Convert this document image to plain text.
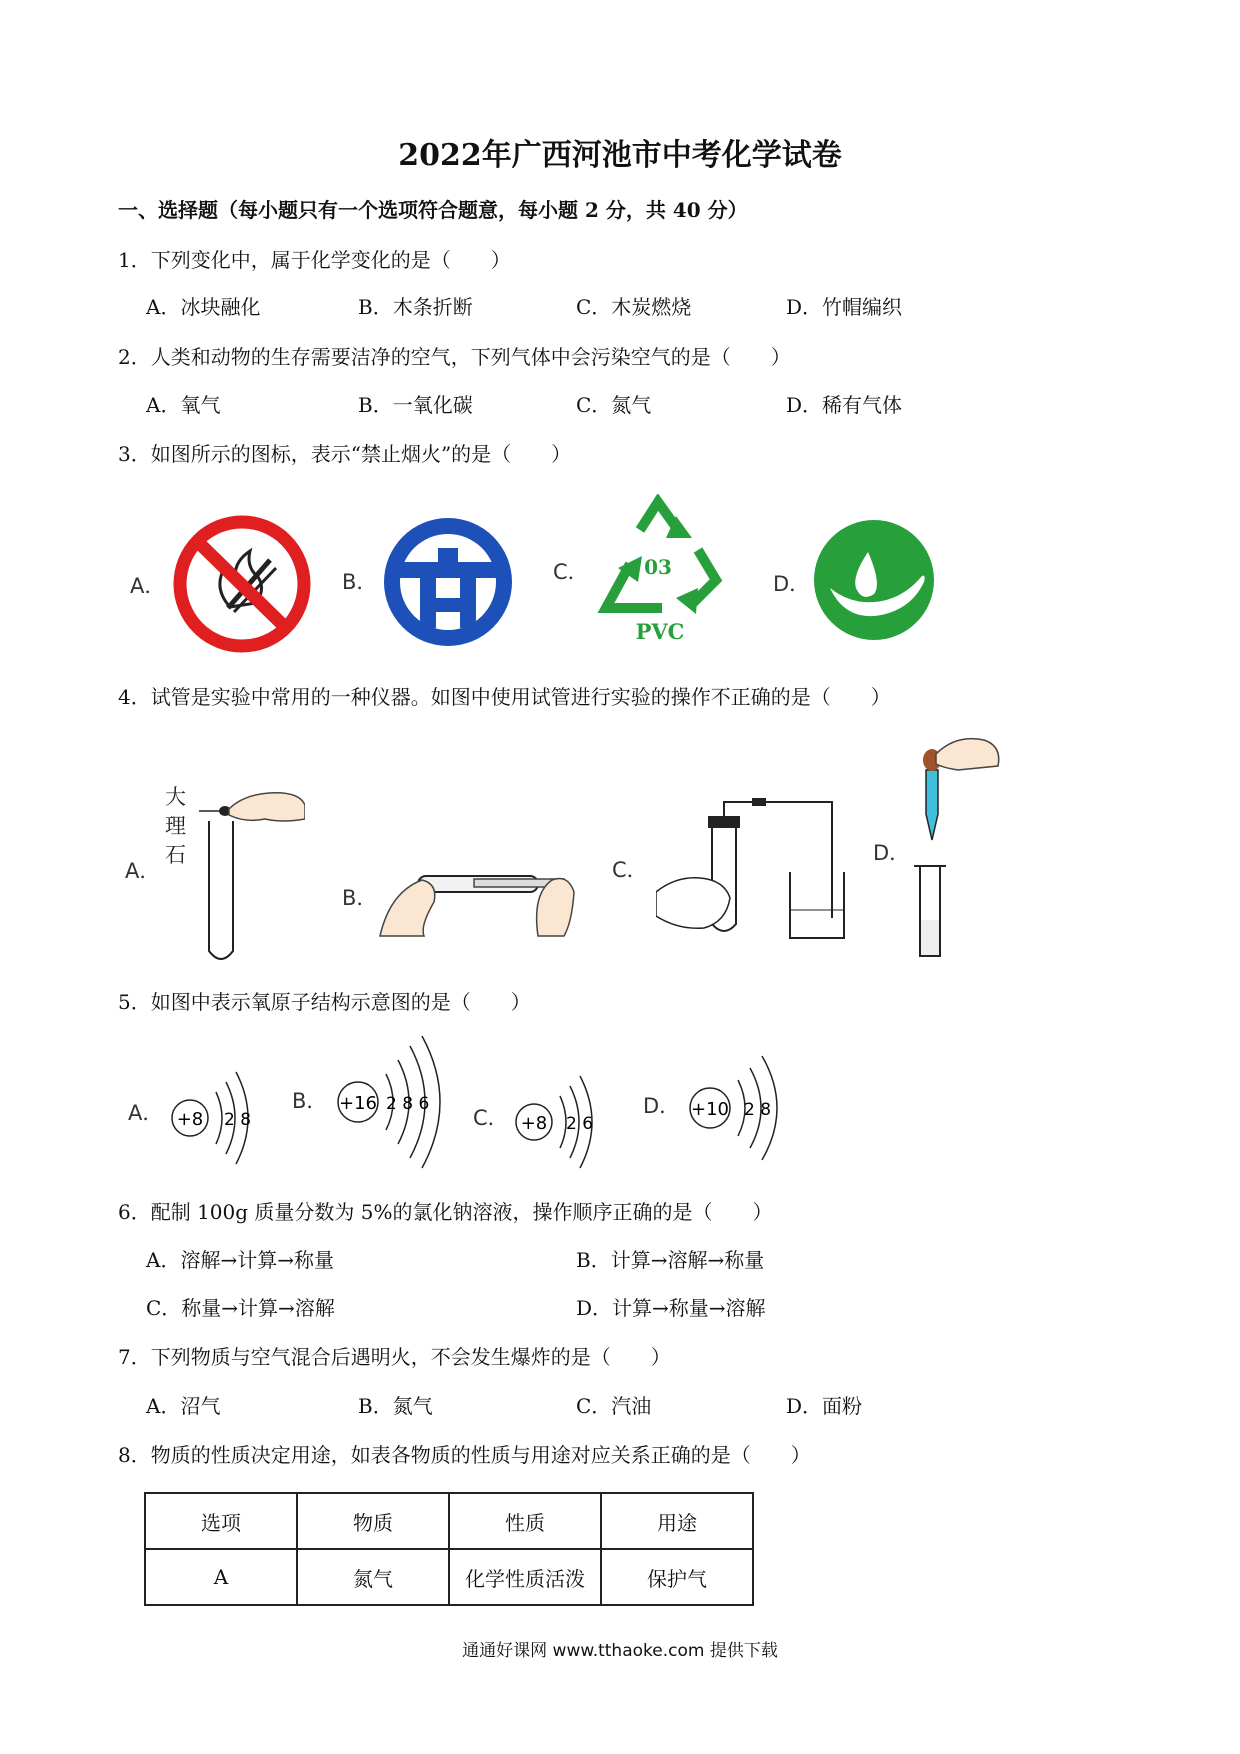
2022年广西河池市中考化学试卷
一、选择题（每小题只有一个选项符合题意，每小题 2 分，共 40 分）
1．下列变化中，属于化学变化的是（　　）
A．冰块融化	B．木条折断	C．木炭燃烧	D．竹帽编织
2．人类和动物的生存需要洁净的空气，下列气体中会污染空气的是（　　）
A．氧气	B．一氧化碳	C．氮气	D．稀有气体
3．如图所示的图标，表示“禁止烟火”的是（　　）
A．	B．	C．	D．
03
PVC
4．试管是实验中常用的一种仪器。如图中使用试管进行实验的操作不正确的是（　　）
A．
B．
C．
D．
大
理
石
5．如图中表示氧原子结构示意图的是（　　）
A．	B．
C．	D．
+8 2 8
+16 2 8 6
+8 2 6
+10 2 8
6．配制 100g 质量分数为 5%的氯化钠溶液，操作顺序正确的是（　　）
A．溶解→计算→称量	B．计算→溶解→称量
C．称量→计算→溶解	D．计算→称量→溶解
7．下列物质与空气混合后遇明火，不会发生爆炸的是（　　）
A．沼气	B．氮气	C．汽油	D．面粉
8．物质的性质决定用途，如表各物质的性质与用途对应关系正确的是（　　）
选项	物质	性质	用途
A	氮气	化学性质活泼	保护气
通通好课网 www.tthaoke.com 提供下载
